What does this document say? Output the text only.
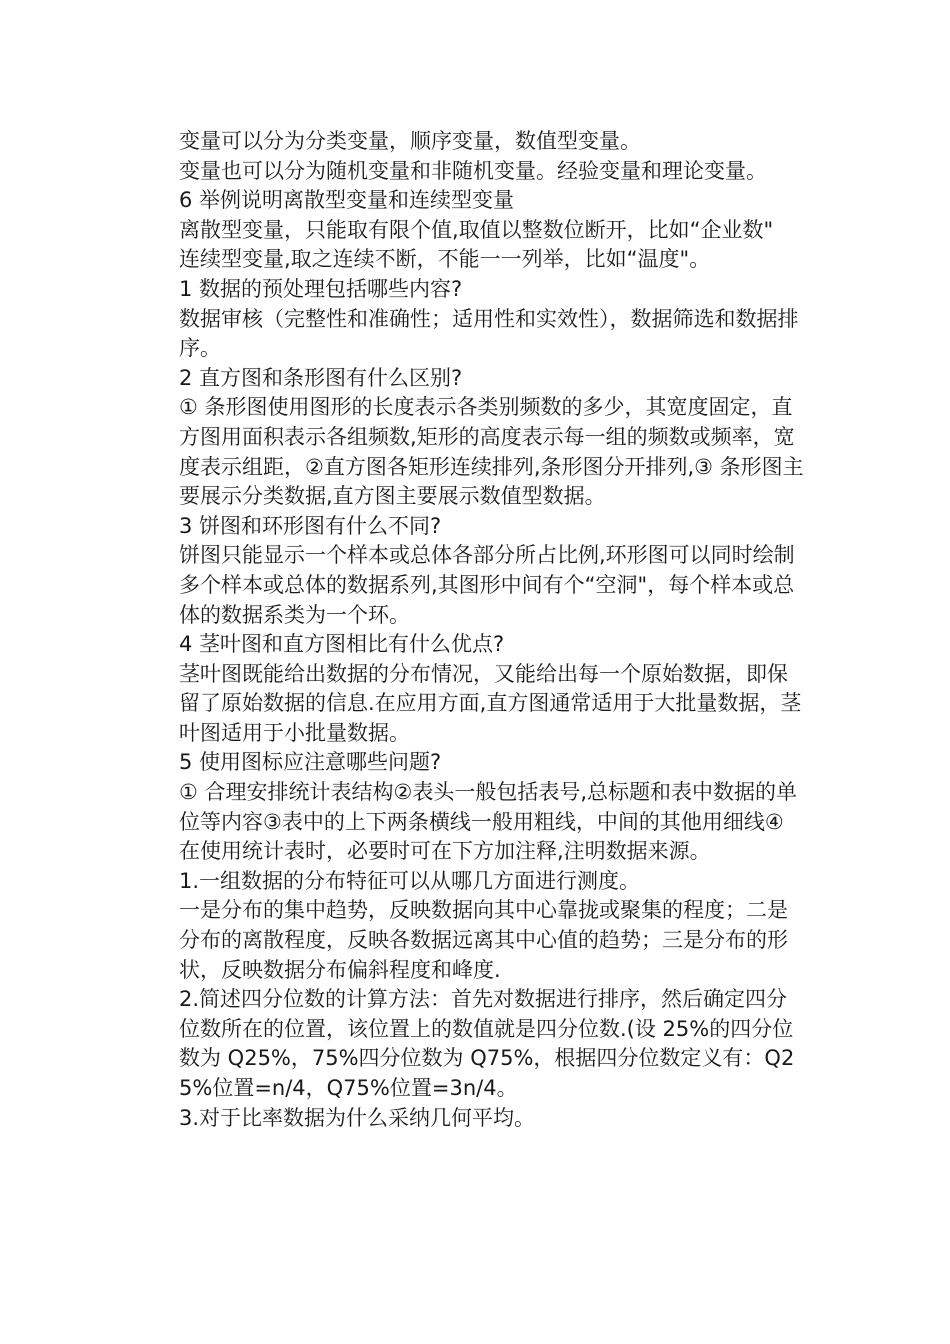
变量可以分为分类变量，顺序变量，数值型变量。

变量也可以分为随机变量和非随机变量。经验变量和理论变量。

6 举例说明离散型变量和连续型变量

离散型变量，只能取有限个值,取值以整数位断开，比如“企业数"

连续型变量,取之连续不断，不能一一列举，比如“温度"。

1 数据的预处理包括哪些内容?

数据审核（完整性和准确性；适用性和实效性），数据筛选和数据排序。

2 直方图和条形图有什么区别?

① 条形图使用图形的长度表示各类别频数的多少，其宽度固定，直方图用面积表示各组频数,矩形的高度表示每一组的频数或频率，宽度表示组距，②直方图各矩形连续排列,条形图分开排列,③ 条形图主要展示分类数据,直方图主要展示数值型数据。

3 饼图和环形图有什么不同?

饼图只能显示一个样本或总体各部分所占比例,环形图可以同时绘制多个样本或总体的数据系列,其图形中间有个“空洞"，每个样本或总体的数据系类为一个环。

4 茎叶图和直方图相比有什么优点?

茎叶图既能给出数据的分布情况，又能给出每一个原始数据，即保留了原始数据的信息.在应用方面,直方图通常适用于大批量数据，茎叶图适用于小批量数据。

5 使用图标应注意哪些问题?

① 合理安排统计表结构②表头一般包括表号,总标题和表中数据的单位等内容③表中的上下两条横线一般用粗线，中间的其他用细线④在使用统计表时，必要时可在下方加注释,注明数据来源。

1.一组数据的分布特征可以从哪几方面进行测度。

一是分布的集中趋势，反映数据向其中心靠拢或聚集的程度；二是分布的离散程度，反映各数据远离其中心值的趋势；三是分布的形状，反映数据分布偏斜程度和峰度.

2.简述四分位数的计算方法：首先对数据进行排序，然后确定四分位数所在的位置，该位置上的数值就是四分位数.(设 25%的四分位数为 Q25%，75%四分位数为 Q75%，根据四分位数定义有：Q25%位置=n/4，Q75%位置=3n/4。

3.对于比率数据为什么采纳几何平均。
